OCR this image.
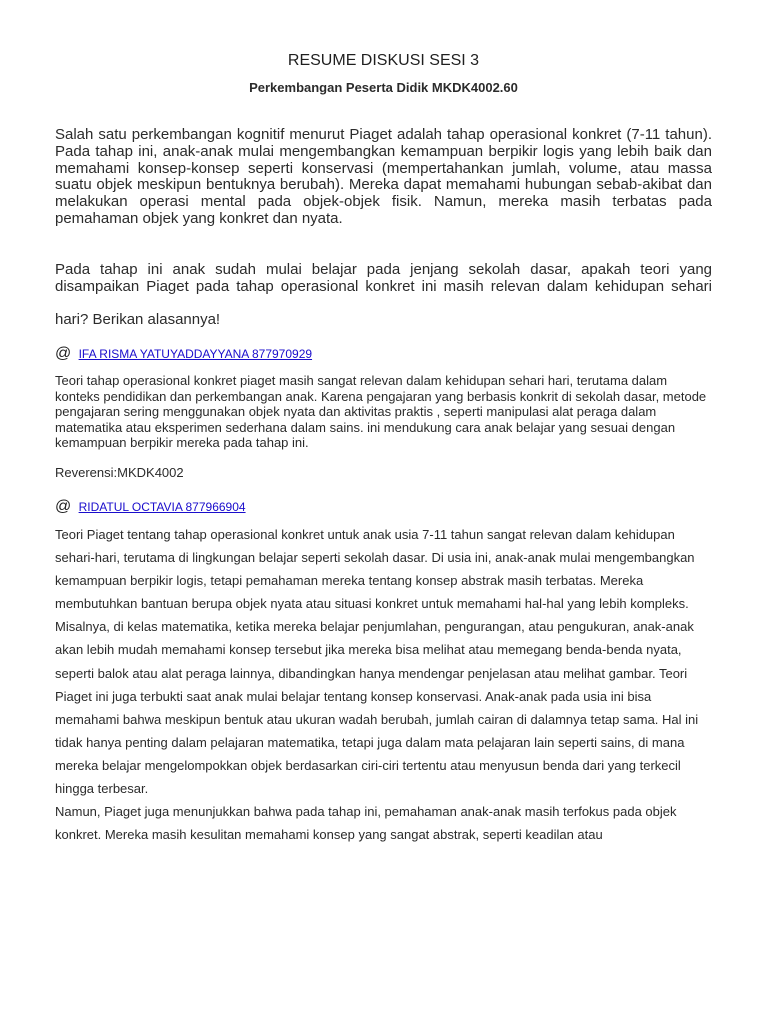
RESUME DISKUSI SESI 3
Perkembangan Peserta Didik MKDK4002.60

Salah satu perkembangan kognitif menurut Piaget adalah tahap operasional konkret (7-11 tahun). Pada tahap ini, anak-anak mulai mengembangkan kemampuan berpikir logis yang lebih baik dan memahami konsep-konsep seperti konservasi (mempertahankan jumlah, volume, atau massa suatu objek meskipun bentuknya berubah). Mereka dapat memahami hubungan sebab-akibat dan melakukan operasi mental pada objek-objek fisik. Namun, mereka masih terbatas pada pemahaman objek yang konkret dan nyata.

Pada tahap ini anak sudah mulai belajar pada jenjang sekolah dasar, apakah teori yang disampaikan Piaget pada tahap operasional konkret ini masih relevan dalam kehidupan sehari

hari? Berikan alasannya!

@ IFA RISMA YATUYADDAYYANA 877970929

Teori tahap operasional konkret piaget masih sangat relevan dalam kehidupan sehari hari, terutama dalam konteks pendidikan dan perkembangan anak. Karena pengajaran yang berbasis konkrit di sekolah dasar, metode pengajaran sering menggunakan objek nyata dan aktivitas praktis , seperti manipulasi alat peraga dalam matematika atau eksperimen sederhana dalam sains. ini mendukung cara anak belajar yang sesuai dengan kemampuan berpikir mereka pada tahap ini.

Reverensi:MKDK4002

@ RIDATUL OCTAVIA 877966904
Teori Piaget tentang tahap operasional konkret untuk anak usia 7-11 tahun sangat relevan dalam kehidupan sehari-hari, terutama di lingkungan belajar seperti sekolah dasar. Di usia ini, anak-anak mulai mengembangkan kemampuan berpikir logis, tetapi pemahaman mereka tentang konsep abstrak masih terbatas. Mereka membutuhkan bantuan berupa objek nyata atau situasi konkret untuk memahami hal-hal yang lebih kompleks.
Misalnya, di kelas matematika, ketika mereka belajar penjumlahan, pengurangan, atau pengukuran, anak-anak akan lebih mudah memahami konsep tersebut jika mereka bisa melihat atau memegang benda-benda nyata, seperti balok atau alat peraga lainnya, dibandingkan hanya mendengar penjelasan atau melihat gambar. Teori Piaget ini juga terbukti saat anak mulai belajar tentang konsep konservasi. Anak-anak pada usia ini bisa memahami bahwa meskipun bentuk atau ukuran wadah berubah, jumlah cairan di dalamnya tetap sama. Hal ini tidak hanya penting dalam pelajaran matematika, tetapi juga dalam mata pelajaran lain seperti sains, di mana mereka belajar mengelompokkan objek berdasarkan ciri-ciri tertentu atau menyusun benda dari yang terkecil hingga terbesar.
Namun, Piaget juga menunjukkan bahwa pada tahap ini, pemahaman anak-anak masih terfokus pada objek konkret. Mereka masih kesulitan memahami konsep yang sangat abstrak, seperti keadilan atau
